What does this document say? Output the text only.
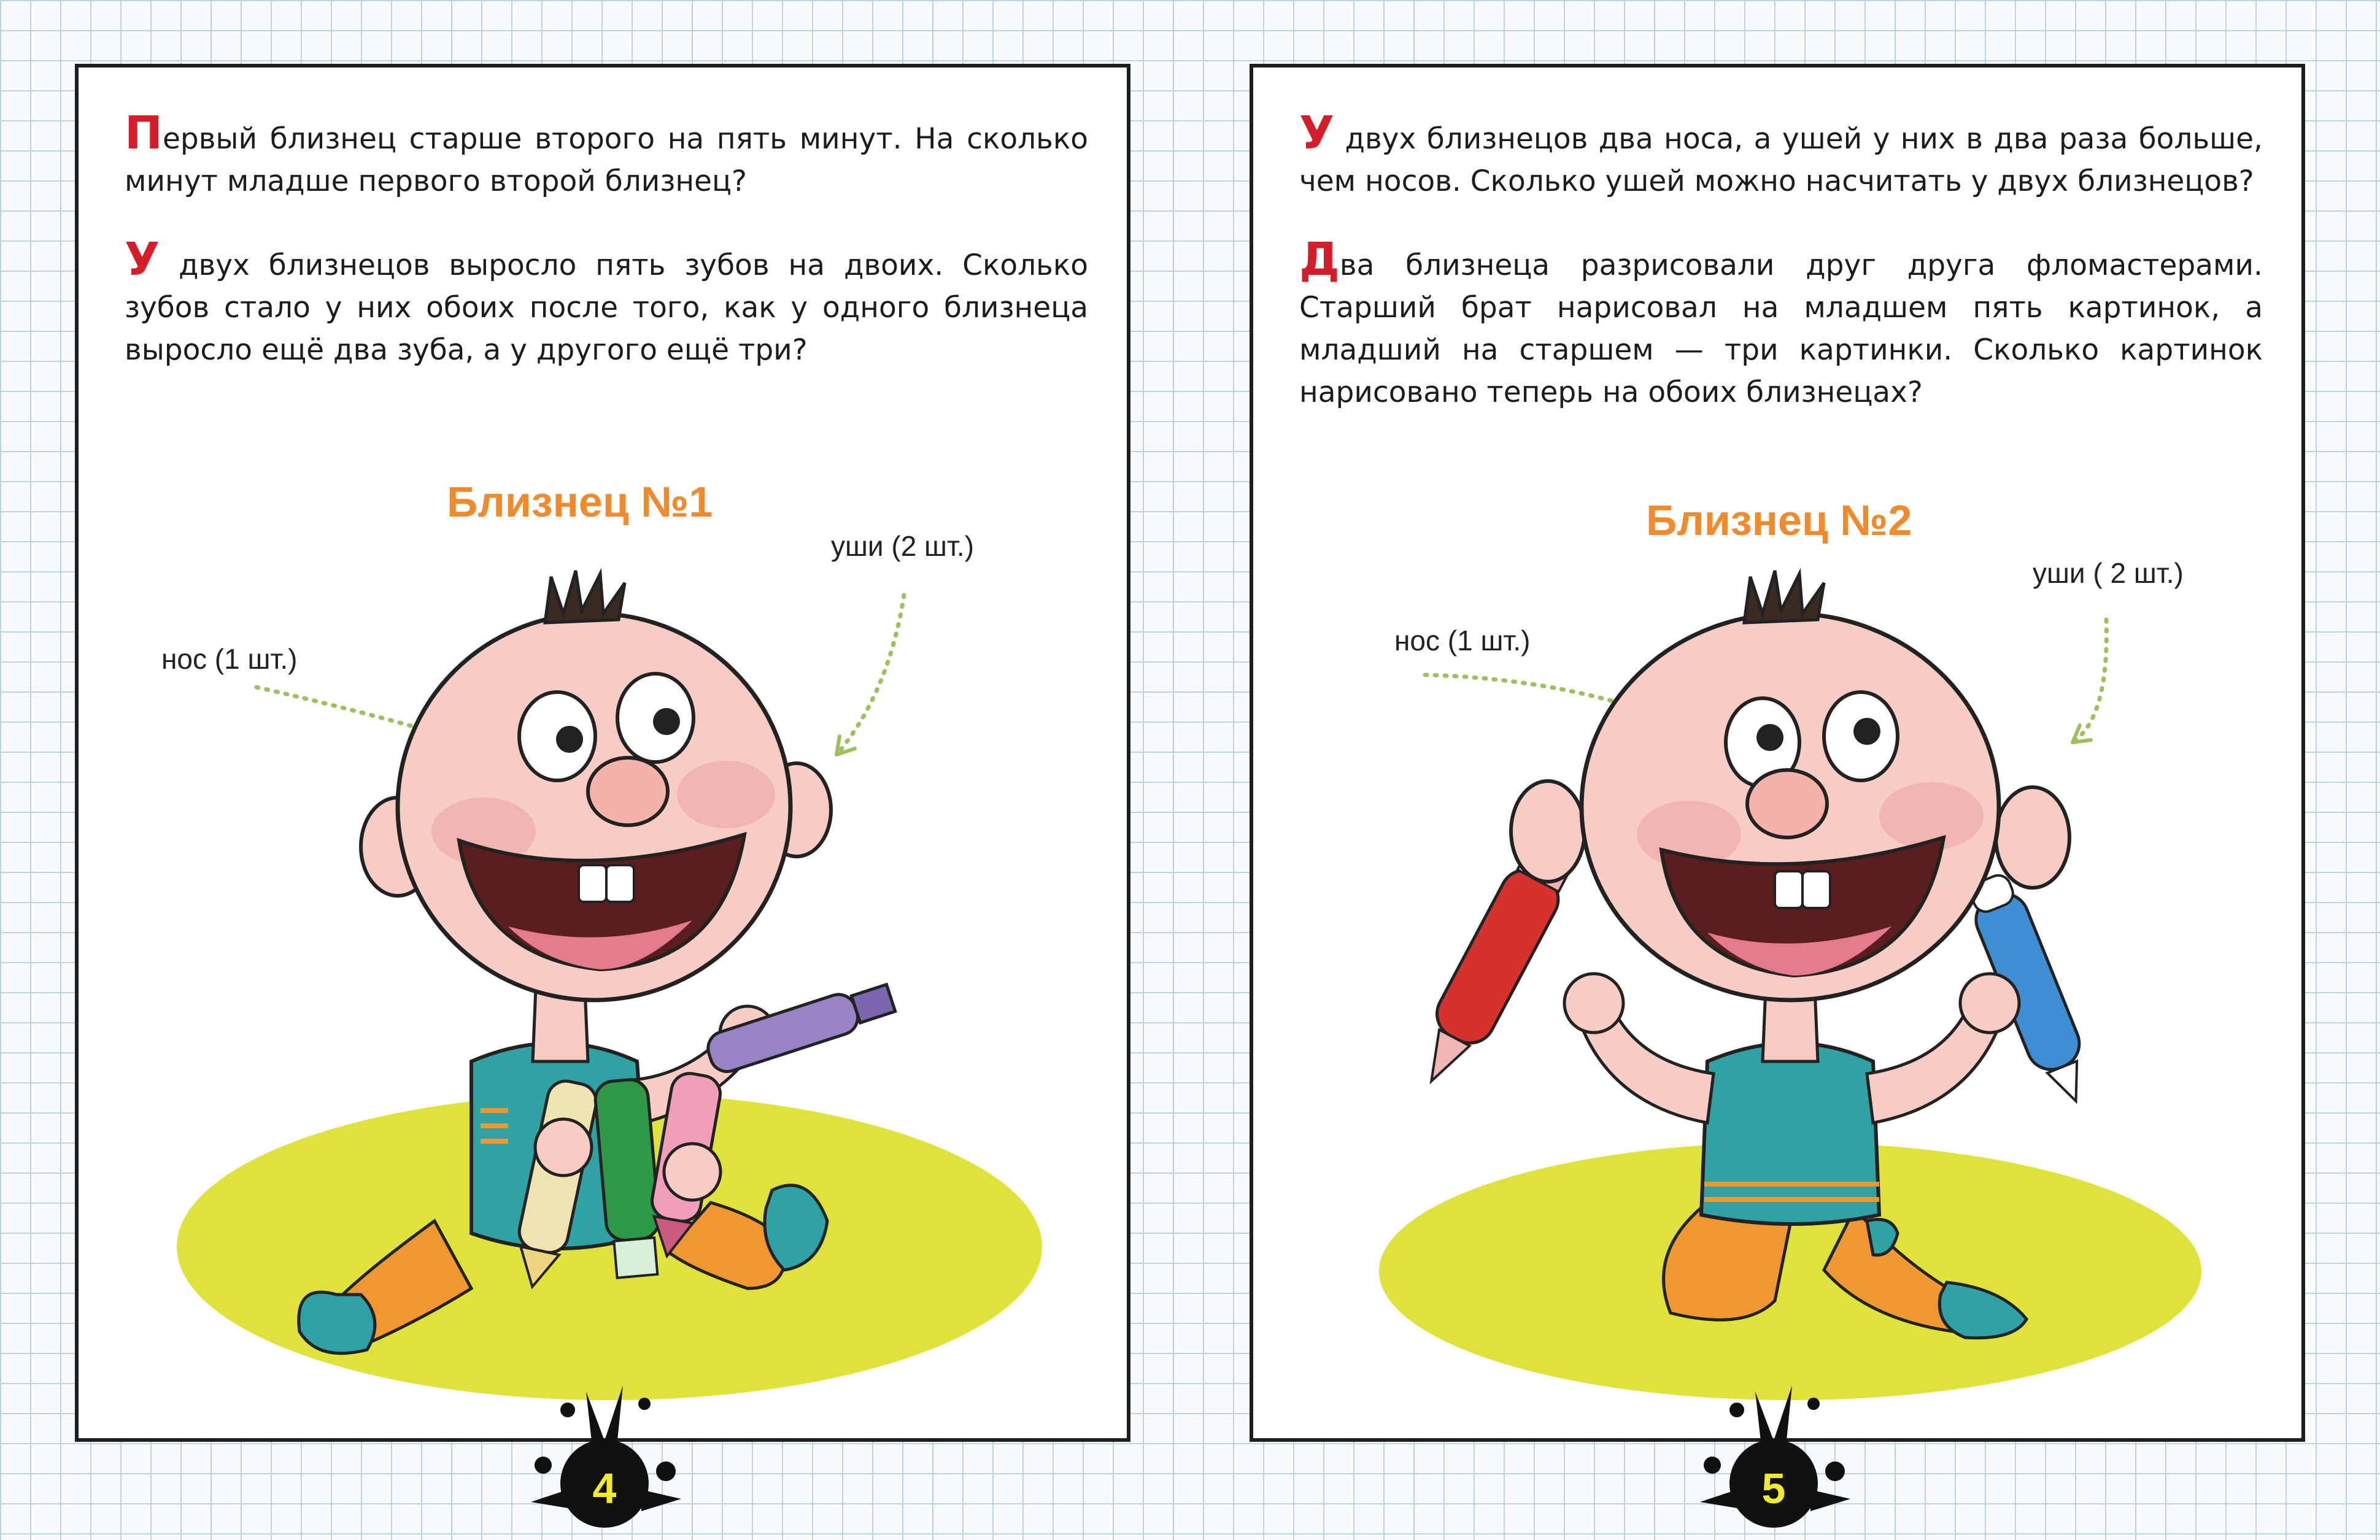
Первый близнец старше второго на пять минут. На сколько минут младше первого второй близнец?

У двух близнецов выросло пять зубов на двоих. Сколько зубов стало у них обоих после того, как у одного близнеца выросло ещё два зуба, а у другого ещё три?

Близнец №1
уши (2 шт.)
нос (1 шт.)

У двух близнецов два носа, а ушей у них в два раза больше, чем носов. Сколько ушей можно насчитать у двух близнецов?

Два близнеца разрисовали друг друга фломастерами. Старший брат нарисовал на младшем пять картинок, а младший на старшем — три картинки. Сколько картинок нарисовано теперь на обоих близнецах?

Близнец №2
уши ( 2 шт.)
нос (1 шт.)
4	5
